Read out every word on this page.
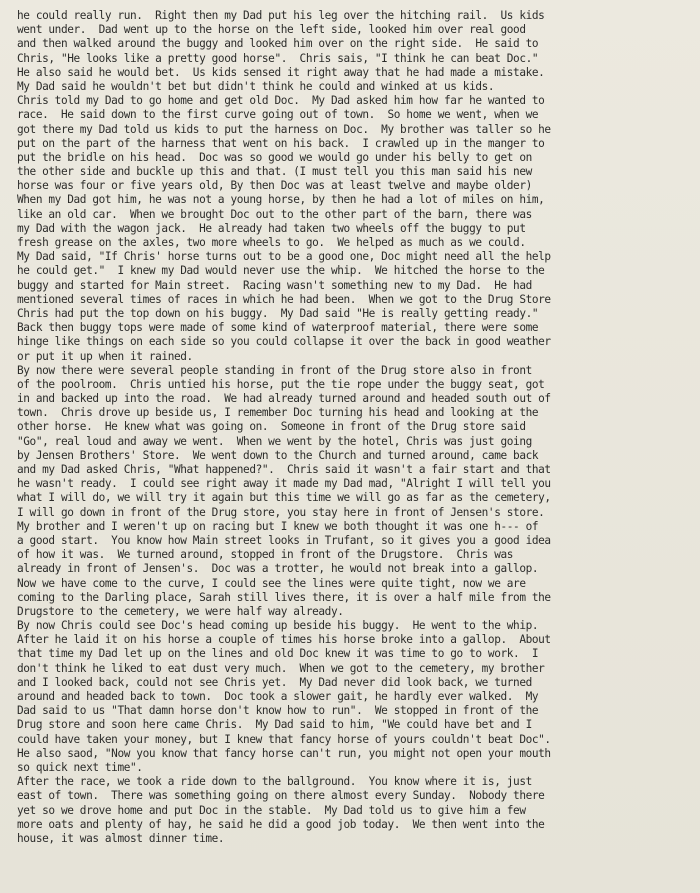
he could really run.  Right then my Dad put his leg over the hitching rail.  Us kids
went under.  Dad went up to the horse on the left side, looked him over real good
and then walked around the buggy and looked him over on the right side.  He said to
Chris, "He looks like a pretty good horse".  Chris sais, "I think he can beat Doc."
He also said he would bet.  Us kids sensed it right away that he had made a mistake.
My Dad said he wouldn't bet but didn't think he could and winked at us kids.
Chris told my Dad to go home and get old Doc.  My Dad asked him how far he wanted to
race.  He said down to the first curve going out of town.  So home we went, when we
got there my Dad told us kids to put the harness on Doc.  My brother was taller so he
put on the part of the harness that went on his back.  I crawled up in the manger to
put the bridle on his head.  Doc was so good we would go under his belly to get on
the other side and buckle up this and that. (I must tell you this man said his new
horse was four or five years old, By then Doc was at least twelve and maybe older)
When my Dad got him, he was not a young horse, by then he had a lot of miles on him,
like an old car.  When we brought Doc out to the other part of the barn, there was
my Dad with the wagon jack.  He already had taken two wheels off the buggy to put
fresh grease on the axles, two more wheels to go.  We helped as much as we could.
My Dad said, "If Chris' horse turns out to be a good one, Doc might need all the help
he could get."  I knew my Dad would never use the whip.  We hitched the horse to the
buggy and started for Main street.  Racing wasn't something new to my Dad.  He had
mentioned several times of races in which he had been.  When we got to the Drug Store
Chris had put the top down on his buggy.  My Dad said "He is really getting ready."
Back then buggy tops were made of some kind of waterproof material, there were some
hinge like things on each side so you could collapse it over the back in good weather
or put it up when it rained.
By now there were several people standing in front of the Drug store also in front
of the poolroom.  Chris untied his horse, put the tie rope under the buggy seat, got
in and backed up into the road.  We had already turned around and headed south out of
town.  Chris drove up beside us, I remember Doc turning his head and looking at the
other horse.  He knew what was going on.  Someone in front of the Drug store said
"Go", real loud and away we went.  When we went by the hotel, Chris was just going
by Jensen Brothers' Store.  We went down to the Church and turned around, came back
and my Dad asked Chris, "What happened?".  Chris said it wasn't a fair start and that
he wasn't ready.  I could see right away it made my Dad mad, "Alright I will tell you
what I will do, we will try it again but this time we will go as far as the cemetery,
I will go down in front of the Drug store, you stay here in front of Jensen's store.
My brother and I weren't up on racing but I knew we both thought it was one h--- of
a good start.  You know how Main street looks in Trufant, so it gives you a good idea
of how it was.  We turned around, stopped in front of the Drugstore.  Chris was
already in front of Jensen's.  Doc was a trotter, he would not break into a gallop.
Now we have come to the curve, I could see the lines were quite tight, now we are
coming to the Darling place, Sarah still lives there, it is over a half mile from the
Drugstore to the cemetery, we were half way already.
By now Chris could see Doc's head coming up beside his buggy.  He went to the whip.
After he laid it on his horse a couple of times his horse broke into a gallop.  About
that time my Dad let up on the lines and old Doc knew it was time to go to work.  I
don't think he liked to eat dust very much.  When we got to the cemetery, my brother
and I looked back, could not see Chris yet.  My Dad never did look back, we turned
around and headed back to town.  Doc took a slower gait, he hardly ever walked.  My
Dad said to us "That damn horse don't know how to run".  We stopped in front of the
Drug store and soon here came Chris.  My Dad said to him, "We could have bet and I
could have taken your money, but I knew that fancy horse of yours couldn't beat Doc".
He also saod, "Now you know that fancy horse can't run, you might not open your mouth
so quick next time".
After the race, we took a ride down to the ballground.  You know where it is, just
east of town.  There was something going on there almost every Sunday.  Nobody there
yet so we drove home and put Doc in the stable.  My Dad told us to give him a few
more oats and plenty of hay, he said he did a good job today.  We then went into the
house, it was almost dinner time.
